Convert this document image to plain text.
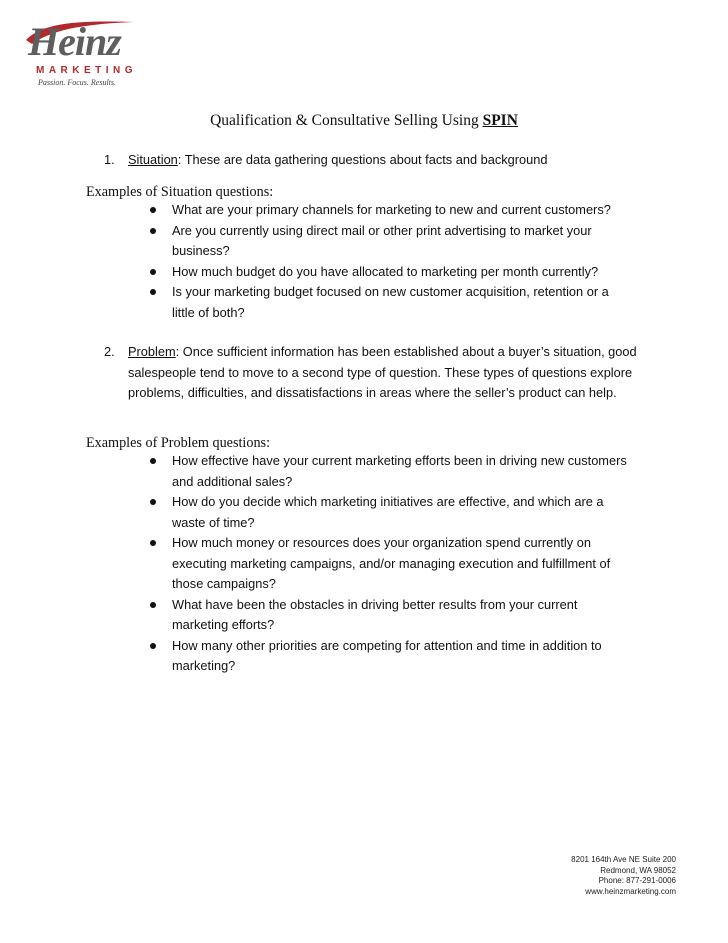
Heinz
MARKETING
Passion. Focus. Results.
Qualification & Consultative Selling Using SPIN
1. Situation: These are data gathering questions about facts and background
Examples of Situation questions:
What are your primary channels for marketing to new and current customers?
Are you currently using direct mail or other print advertising to market your business?
How much budget do you have allocated to marketing per month currently?
Is your marketing budget focused on new customer acquisition, retention or a little of both?
2. Problem: Once sufficient information has been established about a buyer’s situation, good salespeople tend to move to a second type of question. These types of questions explore problems, difficulties, and dissatisfactions in areas where the seller’s product can help.
Examples of Problem questions:
How effective have your current marketing efforts been in driving new customers and additional sales?
How do you decide which marketing initiatives are effective, and which are a waste of time?
How much money or resources does your organization spend currently on executing marketing campaigns, and/or managing execution and fulfillment of those campaigns?
What have been the obstacles in driving better results from your current marketing efforts?
How many other priorities are competing for attention and time in addition to marketing?

8201 164th Ave NE Suite 200

Redmond, WA 98052

Phone: 877-291-0006

www.heinzmarketing.com
